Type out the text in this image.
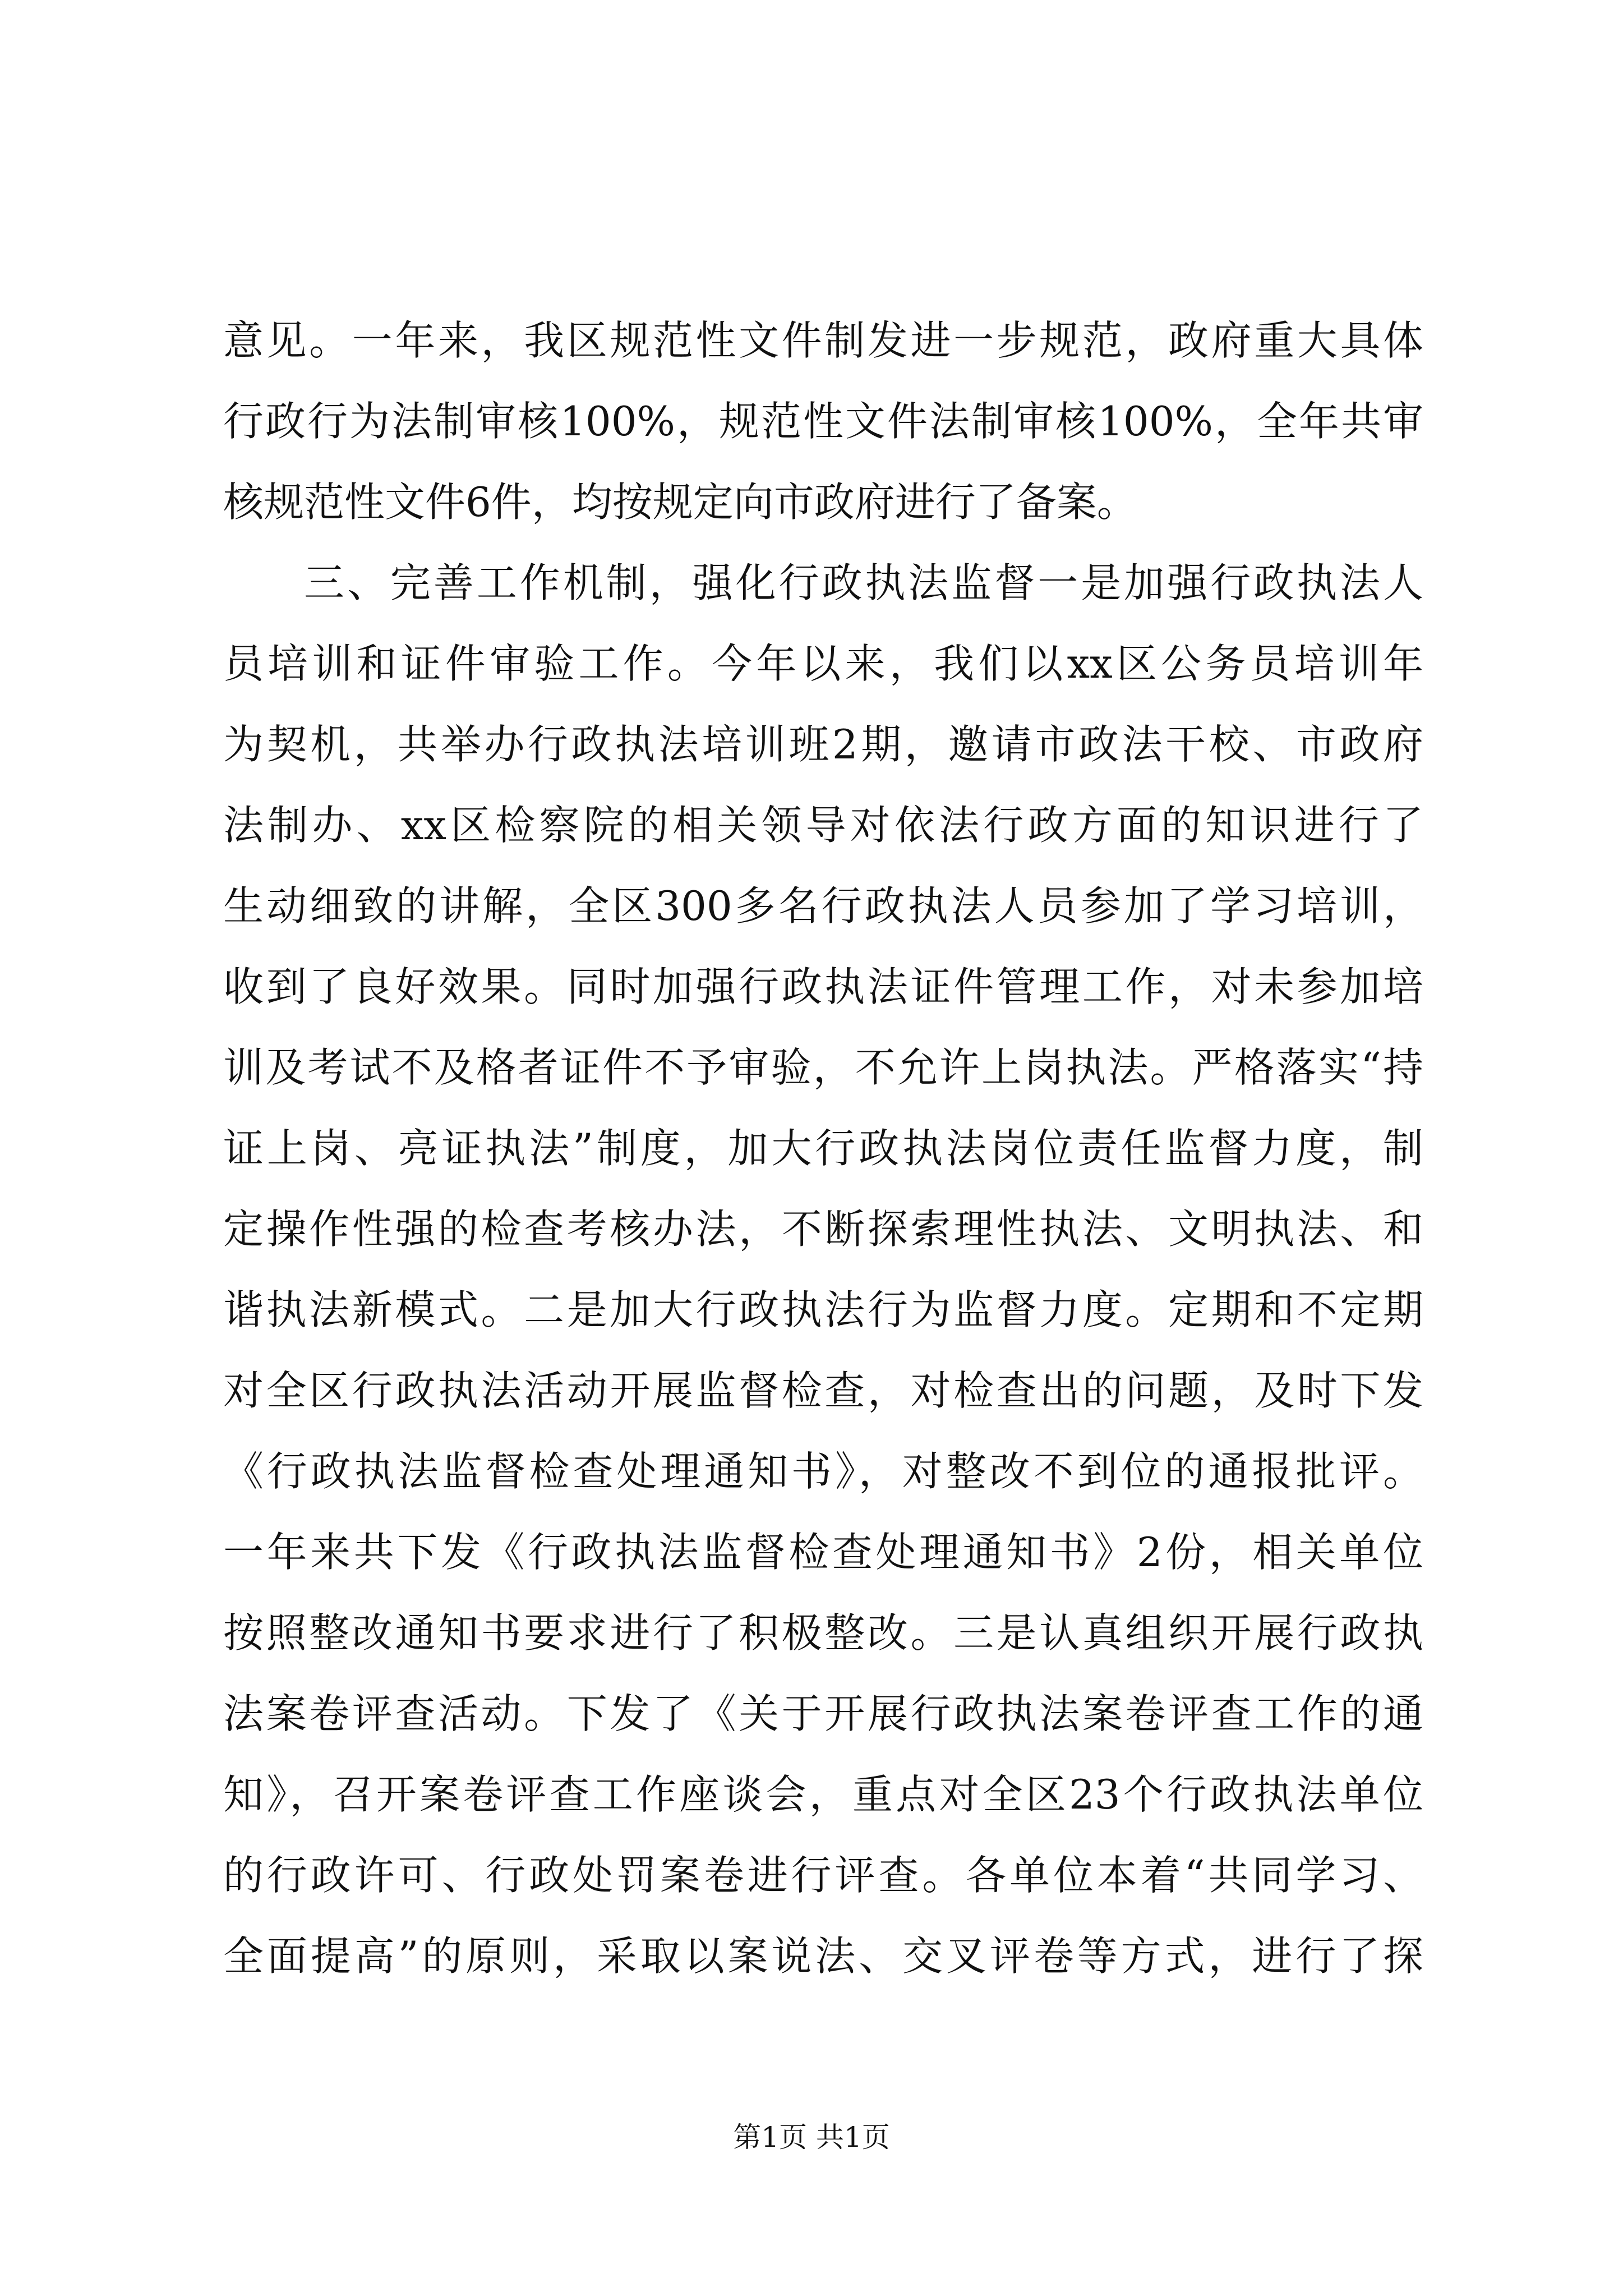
意见。一年来，我区规范性文件制发进一步规范，政府重大具体
行政行为法制审核100%，规范性文件法制审核100%，全年共审
核规范性文件6件，均按规定向市政府进行了备案。
三、完善工作机制，强化行政执法监督一是加强行政执法人
员培训和证件审验工作。今年以来，我们以xx区公务员培训年
为契机，共举办行政执法培训班2期，邀请市政法干校、市政府
法制办、xx区检察院的相关领导对依法行政方面的知识进行了
生动细致的讲解，全区300多名行政执法人员参加了学习培训，
收到了良好效果。同时加强行政执法证件管理工作，对未参加培
训及考试不及格者证件不予审验，不允许上岗执法。严格落实“持
证上岗、亮证执法”制度，加大行政执法岗位责任监督力度，制
定操作性强的检查考核办法，不断探索理性执法、文明执法、和
谐执法新模式。二是加大行政执法行为监督力度。定期和不定期
对全区行政执法活动开展监督检查，对检查出的问题，及时下发
《行政执法监督检查处理通知书》，对整改不到位的通报批评。
一年来共下发《行政执法监督检查处理通知书》2份，相关单位
按照整改通知书要求进行了积极整改。三是认真组织开展行政执
法案卷评查活动。下发了《关于开展行政执法案卷评查工作的通
知》，召开案卷评查工作座谈会，重点对全区23个行政执法单位
的行政许可、行政处罚案卷进行评查。各单位本着“共同学习、
全面提高”的原则，采取以案说法、交叉评卷等方式，进行了探
第1页 共1页
